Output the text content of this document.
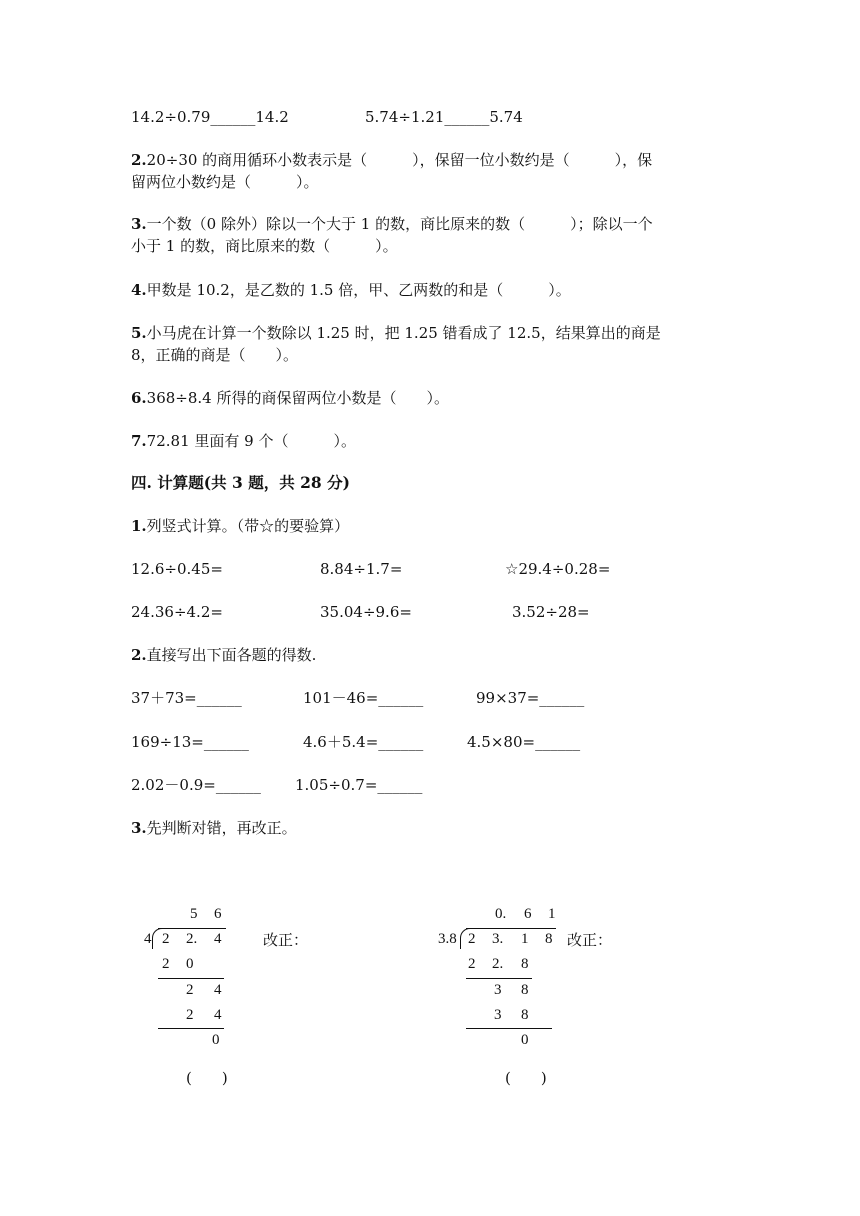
14.2÷0.79______14.2	5.74÷1.21______5.74
2.20÷30 的商用循环小数表示是（　　　），保留一位小数约是（　　　），保
留两位小数约是（　　　）。
3.一个数（0 除外）除以一个大于 1 的数，商比原来的数（　　　）；除以一个
小于 1 的数，商比原来的数（　　　）。
4.甲数是 10.2，是乙数的 1.5 倍，甲、乙两数的和是（　　　）。
5.小马虎在计算一个数除以 1.25 时，把 1.25 错看成了 12.5，结果算出的商是
8，正确的商是（　　）。
6.368÷8.4 所得的商保留两位小数是（　　）。
7.72.81 里面有 9 个（　　　）。
四. 计算题(共 3 题，共 28 分)
1.列竖式计算。（带☆的要验算）
12.6÷0.45=	8.84÷1.7=	☆29.4÷0.28=
24.36÷4.2=	35.04÷9.6=	3.52÷28=
2.直接写出下面各题的得数.
37＋73=______	101－46=______	99×37=______
169÷13=______	4.6＋5.4=______	4.5×80=______
2.02－0.9=______ 1.05÷0.7=______
3.先判断对错，再改正。
5 6
4 2 2. 4
2 0
2 4
2 4
0
改正：
(　　)
0. 6 1
3.8 2 3. 1 8
2 2. 8
3 8
3 8
0
改正：
(　　)
